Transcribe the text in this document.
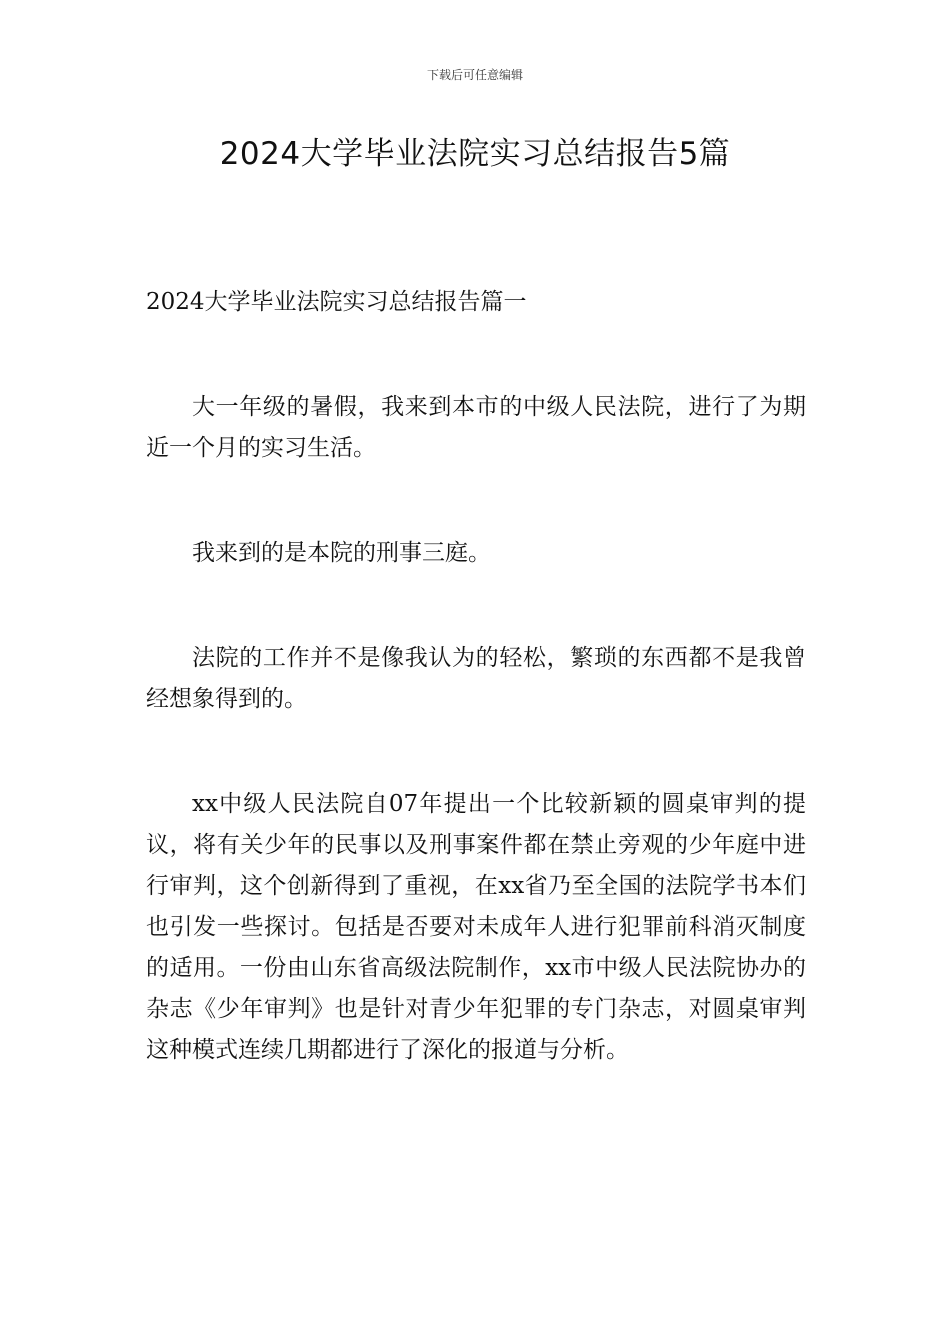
下载后可任意编辑
2024大学毕业法院实习总结报告5篇

2024大学毕业法院实习总结报告篇一

大一年级的暑假，我来到本市的中级人民法院，进行了为期近一个月的实习生活。

我来到的是本院的刑事三庭。

法院的工作并不是像我认为的轻松，繁琐的东西都不是我曾经想象得到的。

xx中级人民法院自07年提出一个比较新颖的圆桌审判的提议，将有关少年的民事以及刑事案件都在禁止旁观的少年庭中进行审判，这个创新得到了重视，在xx省乃至全国的法院学书本们也引发一些探讨。包括是否要对未成年人进行犯罪前科消灭制度的适用。一份由山东省高级法院制作，xx市中级人民法院协办的杂志《少年审判》也是针对青少年犯罪的专门杂志，对圆桌审判这种模式连续几期都进行了深化的报道与分析。
